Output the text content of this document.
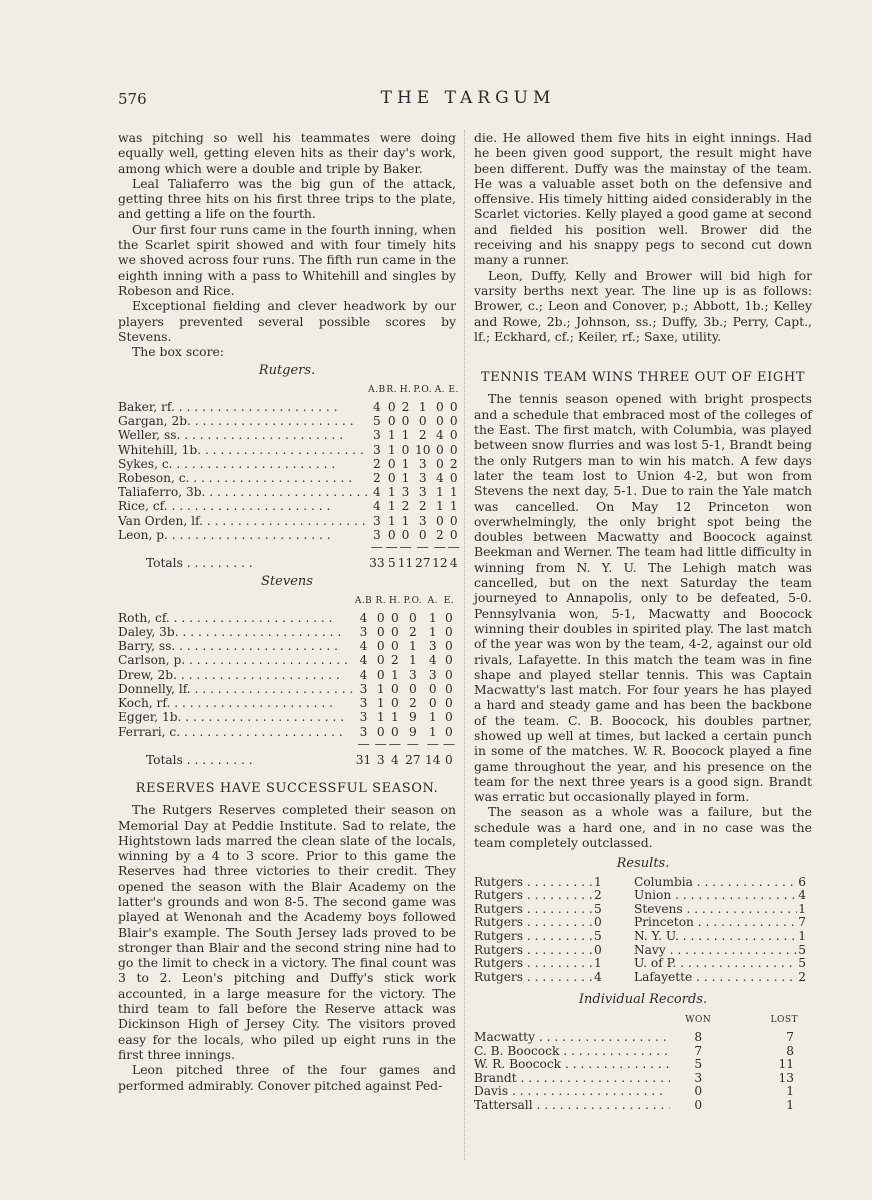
576	THE TARGUM

was pitching so well his teammates were doing equally well, getting eleven hits as their day's work, among which were a double and triple by Baker.

Leal Taliaferro was the big gun of the attack, getting three hits on his first three trips to the plate, and getting a life on the fourth.

Our first four runs came in the fourth inning, when the Scarlet spirit showed and with four timely hits we shoved across four runs. The fifth run came in the eighth inning with a pass to Whitehill and singles by Robeson and Rice.

Exceptional fielding and clever headwork by our players prevented several possible scores by Stevens.

The box score:

Rutgers.
	A.B	R.	H.	P.O.	A.	E.
Baker, rf. . . .	4	0	2	1	0	0
Gargan, 2b. . . .	5	0	0	0	0	0
Weller, ss. . . .	3	1	1	2	4	0
Whitehill, 1b. . . .	3	1	0	10	0	0
Sykes, c. . . .	2	0	1	3	0	2
Robeson, c. . . .	2	0	1	3	4	0
Taliaferro, 3b. . . .	4	1	3	3	1	1
Rice, cf. . . .	4	1	2	2	1	1
Van Orden, lf. . . .	3	1	1	3	0	0
Leon, p. . . .	3	0	0	0	2	0
	—	—	—	—	—	—
Totals . . .	33	5	11	27	12	4
Stevens
	A.B	R.	H.	P.O.	A.	E.
Roth, cf. . . .	4	0	0	0	1	0
Daley, 3b. . . .	3	0	0	2	1	0
Barry, ss. . . .	4	0	0	1	3	0
Carlson, p. . . .	4	0	2	1	4	0
Drew, 2b. . . .	4	0	1	3	3	0
Donnelly, lf. . . .	3	1	0	0	0	0
Koch, rf. . . .	3	1	0	2	0	0
Egger, 1b. . . .	3	1	1	9	1	0
Ferrari, c. . . .	3	0	0	9	1	0
	—	—	—	—	—	—
Totals . . .	31	3	4	27	14	0
RESERVES HAVE SUCCESSFUL SEASON.

The Rutgers Reserves completed their season on Memorial Day at Peddie Institute. Sad to relate, the Hightstown lads marred the clean slate of the locals, winning by a 4 to 3 score. Prior to this game the Reserves had three victories to their credit. They opened the season with the Blair Academy on the latter's grounds and won 8-5. The second game was played at Wenonah and the Academy boys followed Blair's example. The South Jersey lads proved to be stronger than Blair and the second string nine had to go the limit to check in a victory. The final count was 3 to 2. Leon's pitching and Duffy's stick work accounted, in a large measure for the victory. The third team to fall before the Reserve attack was Dickinson High of Jersey City. The visitors proved easy for the locals, who piled up eight runs in the first three innings.

Leon pitched three of the four games and performed admirably. Conover pitched against Ped-

die. He allowed them five hits in eight innings. Had he been given good support, the result might have been different. Duffy was the mainstay of the team. He was a valuable asset both on the defensive and offensive. His timely hitting aided considerably in the Scarlet victories. Kelly played a good game at second and fielded his position well. Brower did the receiving and his snappy pegs to second cut down many a runner.

Leon, Duffy, Kelly and Brower will bid high for varsity berths next year. The line up is as follows: Brower, c.; Leon and Conover, p.; Abbott, 1b.; Kelley and Rowe, 2b.; Johnson, ss.; Duffy, 3b.; Perry, Capt., lf.; Eckhard, cf.; Keiler, rf.; Saxe, utility.

TENNIS TEAM WINS THREE OUT OF EIGHT

The tennis season opened with bright prospects and a schedule that embraced most of the colleges of the East. The first match, with Columbia, was played between snow flurries and was lost 5-1, Brandt being the only Rutgers man to win his match. A few days later the team lost to Union 4-2, but won from Stevens the next day, 5-1. Due to rain the Yale match was cancelled. On May 12 Princeton won overwhelmingly, the only bright spot being the doubles between Macwatty and Boocock against Beekman and Werner. The team had little difficulty in winning from N. Y. U. The Lehigh match was cancelled, but on the next Saturday the team journeyed to Annapolis, only to be defeated, 5-0. Pennsylvania won, 5-1, Macwatty and Boocock winning their doubles in spirited play. The last match of the year was won by the team, 4-2, against our old rivals, Lafayette. In this match the team was in fine shape and played stellar tennis. This was Captain Macwatty's last match. For four years he has played a hard and steady game and has been the backbone of the team. C. B. Boocock, his doubles partner, showed up well at times, but lacked a certain punch in some of the matches. W. R. Boocock played a fine game throughout the year, and his presence on the team for the next three years is a good sign. Brandt was erratic but occasionally played in form.

The season as a whole was a failure, but the schedule was a hard one, and in no case was the team completely outclassed.

Results.
Rutgers . . .	1	Columbia . . .	6
Rutgers . . .	2	Union . . .	4
Rutgers . . .	5	Stevens . . .	1
Rutgers . . .	0	Princeton . . .	7
Rutgers . . .	5	N. Y. U. . . .	1
Rutgers . . .	0	Navy . . .	5
Rutgers . . .	1	U. of P. . . .	5
Rutgers . . .	4	Lafayette . . .	2
Individual Records.
	WON	LOST
Macwatty . . .	8	7
C. B. Boocock . . .	7	8
W. R. Boocock . . .	5	11
Brandt . . .	3	13
Davis . . .	0	1
Tattersall . . .	0	1
